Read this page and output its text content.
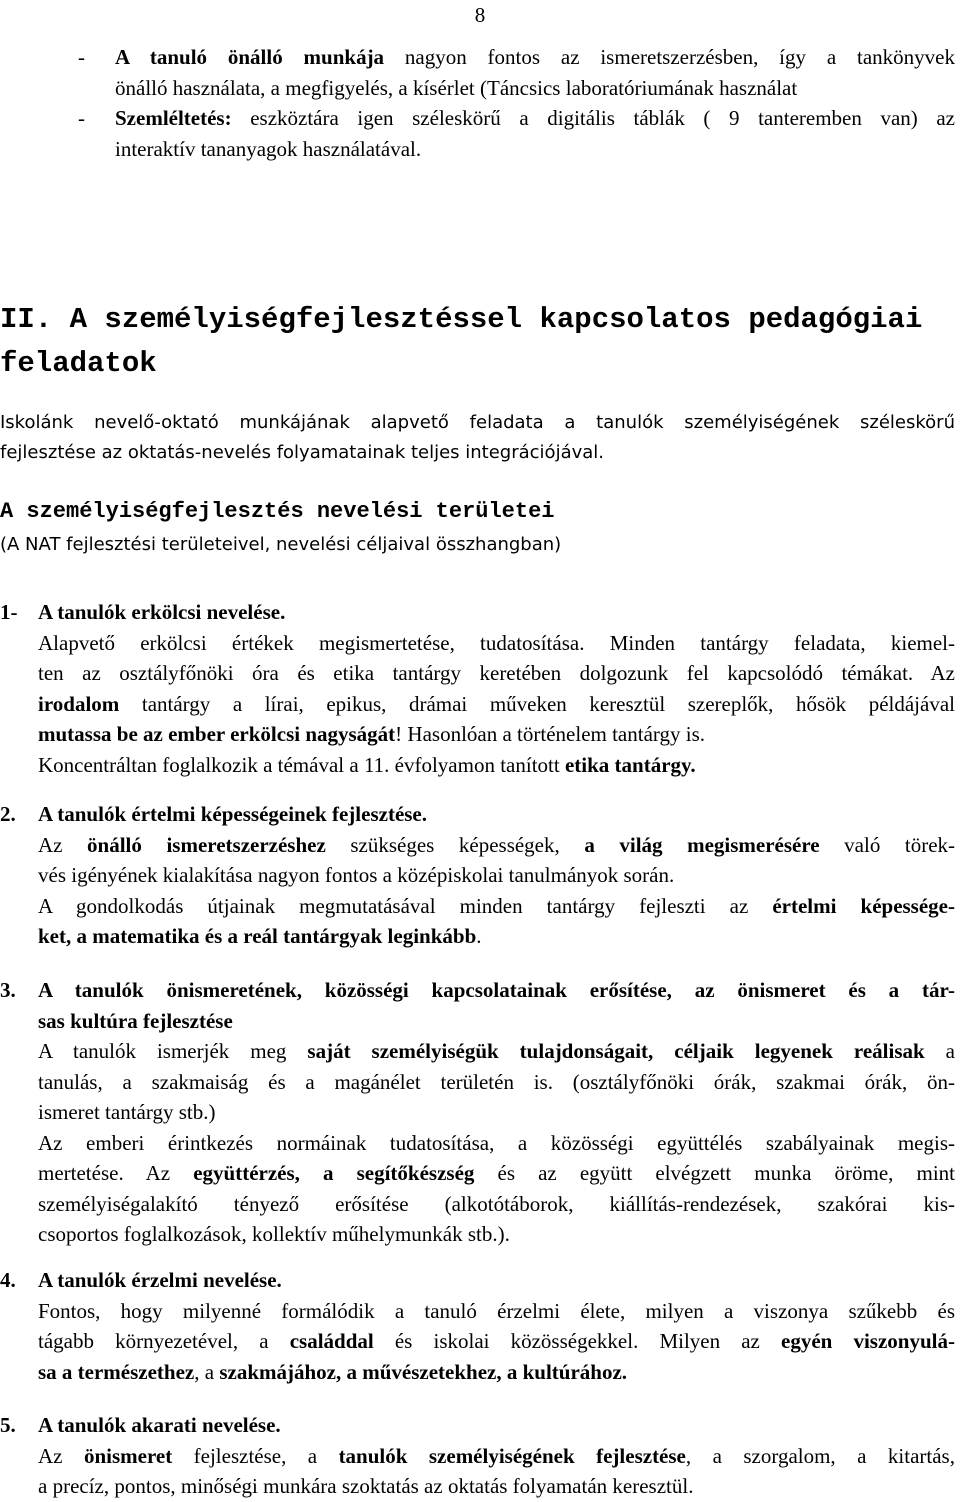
8
- A tanuló önálló munkája nagyon fontos az ismeretszerzésben, így a tankönyvek
önálló használata, a megfigyelés, a kísérlet (Táncsics laboratóriumának használat
- Szemléltetés: eszköztára igen széleskörű a digitális táblák ( 9 tanteremben van) az
interaktív tananyagok használatával.
II. A személyiségfejlesztéssel kapcsolatos pedagógiai
feladatok
Iskolánk nevelő-oktató munkájának alapvető feladata a tanulók személyiségének széleskörű
fejlesztése az oktatás-nevelés folyamatainak teljes integrációjával.
A személyiségfejlesztés nevelési területei
(A NAT fejlesztési területeivel, nevelési céljaival összhangban)
1- A tanulók erkölcsi nevelése.
Alapvető erkölcsi értékek megismertetése, tudatosítása. Minden tantárgy feladata, kiemel-
ten az osztályfőnöki óra és etika tantárgy keretében dolgozunk fel kapcsolódó témákat. Az
irodalom tantárgy a lírai, epikus, drámai műveken keresztül szereplők, hősök példájával
mutassa be az ember erkölcsi nagyságát! Hasonlóan a történelem tantárgy is.
Koncentráltan foglalkozik a témával a 11. évfolyamon tanított etika tantárgy.
2. A tanulók értelmi képességeinek fejlesztése.
Az önálló ismeretszerzéshez szükséges képességek, a világ megismerésére való törek-
vés igényének kialakítása nagyon fontos a középiskolai tanulmányok során.
A gondolkodás útjainak megmutatásával minden tantárgy fejleszti az értelmi képessége-
ket, a matematika és a reál tantárgyak leginkább.
3. A tanulók önismeretének, közösségi kapcsolatainak erősítése, az önismeret és a tár-
sas kultúra fejlesztése
A tanulók ismerjék meg saját személyiségük tulajdonságait, céljaik legyenek reálisak a
tanulás, a szakmaiság és a magánélet területén is. (osztályfőnöki órák, szakmai órák, ön-
ismeret tantárgy stb.)
Az emberi érintkezés normáinak tudatosítása, a közösségi együttélés szabályainak megis-
mertetése. Az együttérzés, a segítőkészség és az együtt elvégzett munka öröme, mint
személyiségalakító tényező erősítése (alkotótáborok, kiállítás-rendezések, szakórai kis-
csoportos foglalkozások, kollektív műhelymunkák stb.).
4. A tanulók érzelmi nevelése.
Fontos, hogy milyenné formálódik a tanuló érzelmi élete, milyen a viszonya szűkebb és
tágabb környezetével, a családdal és iskolai közösségekkel. Milyen az egyén viszonyulá-
sa a természethez, a szakmájához, a művészetekhez, a kultúrához.
5. A tanulók akarati nevelése.
Az önismeret fejlesztése, a tanulók személyiségének fejlesztése, a szorgalom, a kitartás,
a precíz, pontos, minőségi munkára szoktatás az oktatás folyamatán keresztül.
